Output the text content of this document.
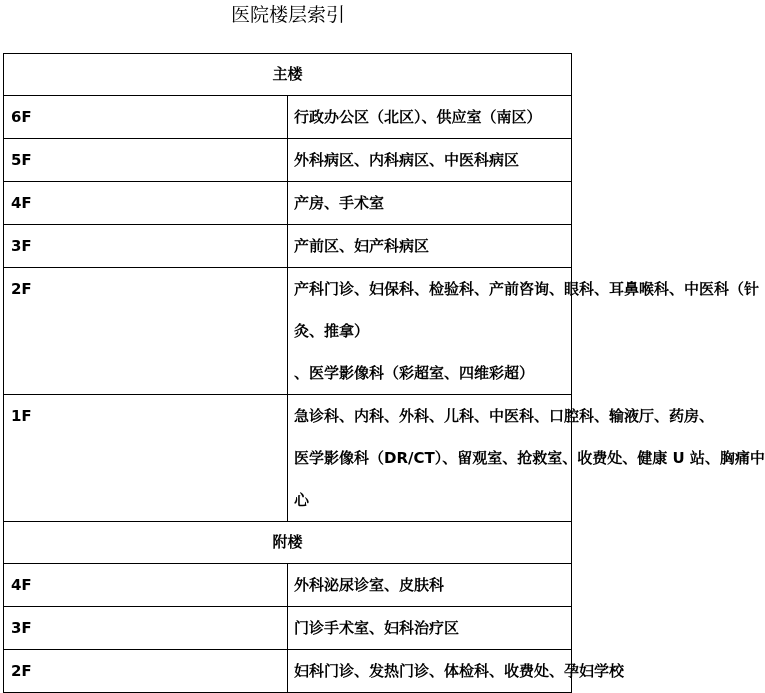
医院楼层索引
主楼	
6F	行政办公区（北区）、供应室（南区）

5F	外科病区、内科病区、中医科病区

4F	产房、手术室

3F	产前区、妇产科病区

2F	产科门诊、妇保科、检验科、产前咨询、眼科、耳鼻喉科、中医科（针
灸、推拿）
、医学影像科（彩超室、四维彩超）

1F	急诊科、内科、外科、儿科、中医科、口腔科、输液厅、药房、
医学影像科（DR/CT）、留观室、抢救室、收费处、健康 U 站、胸痛中
心

附楼	
4F	外科泌尿诊室、皮肤科

3F	门诊手术室、妇科治疗区

2F	妇科门诊、发热门诊、体检科、收费处、孕妇学校
